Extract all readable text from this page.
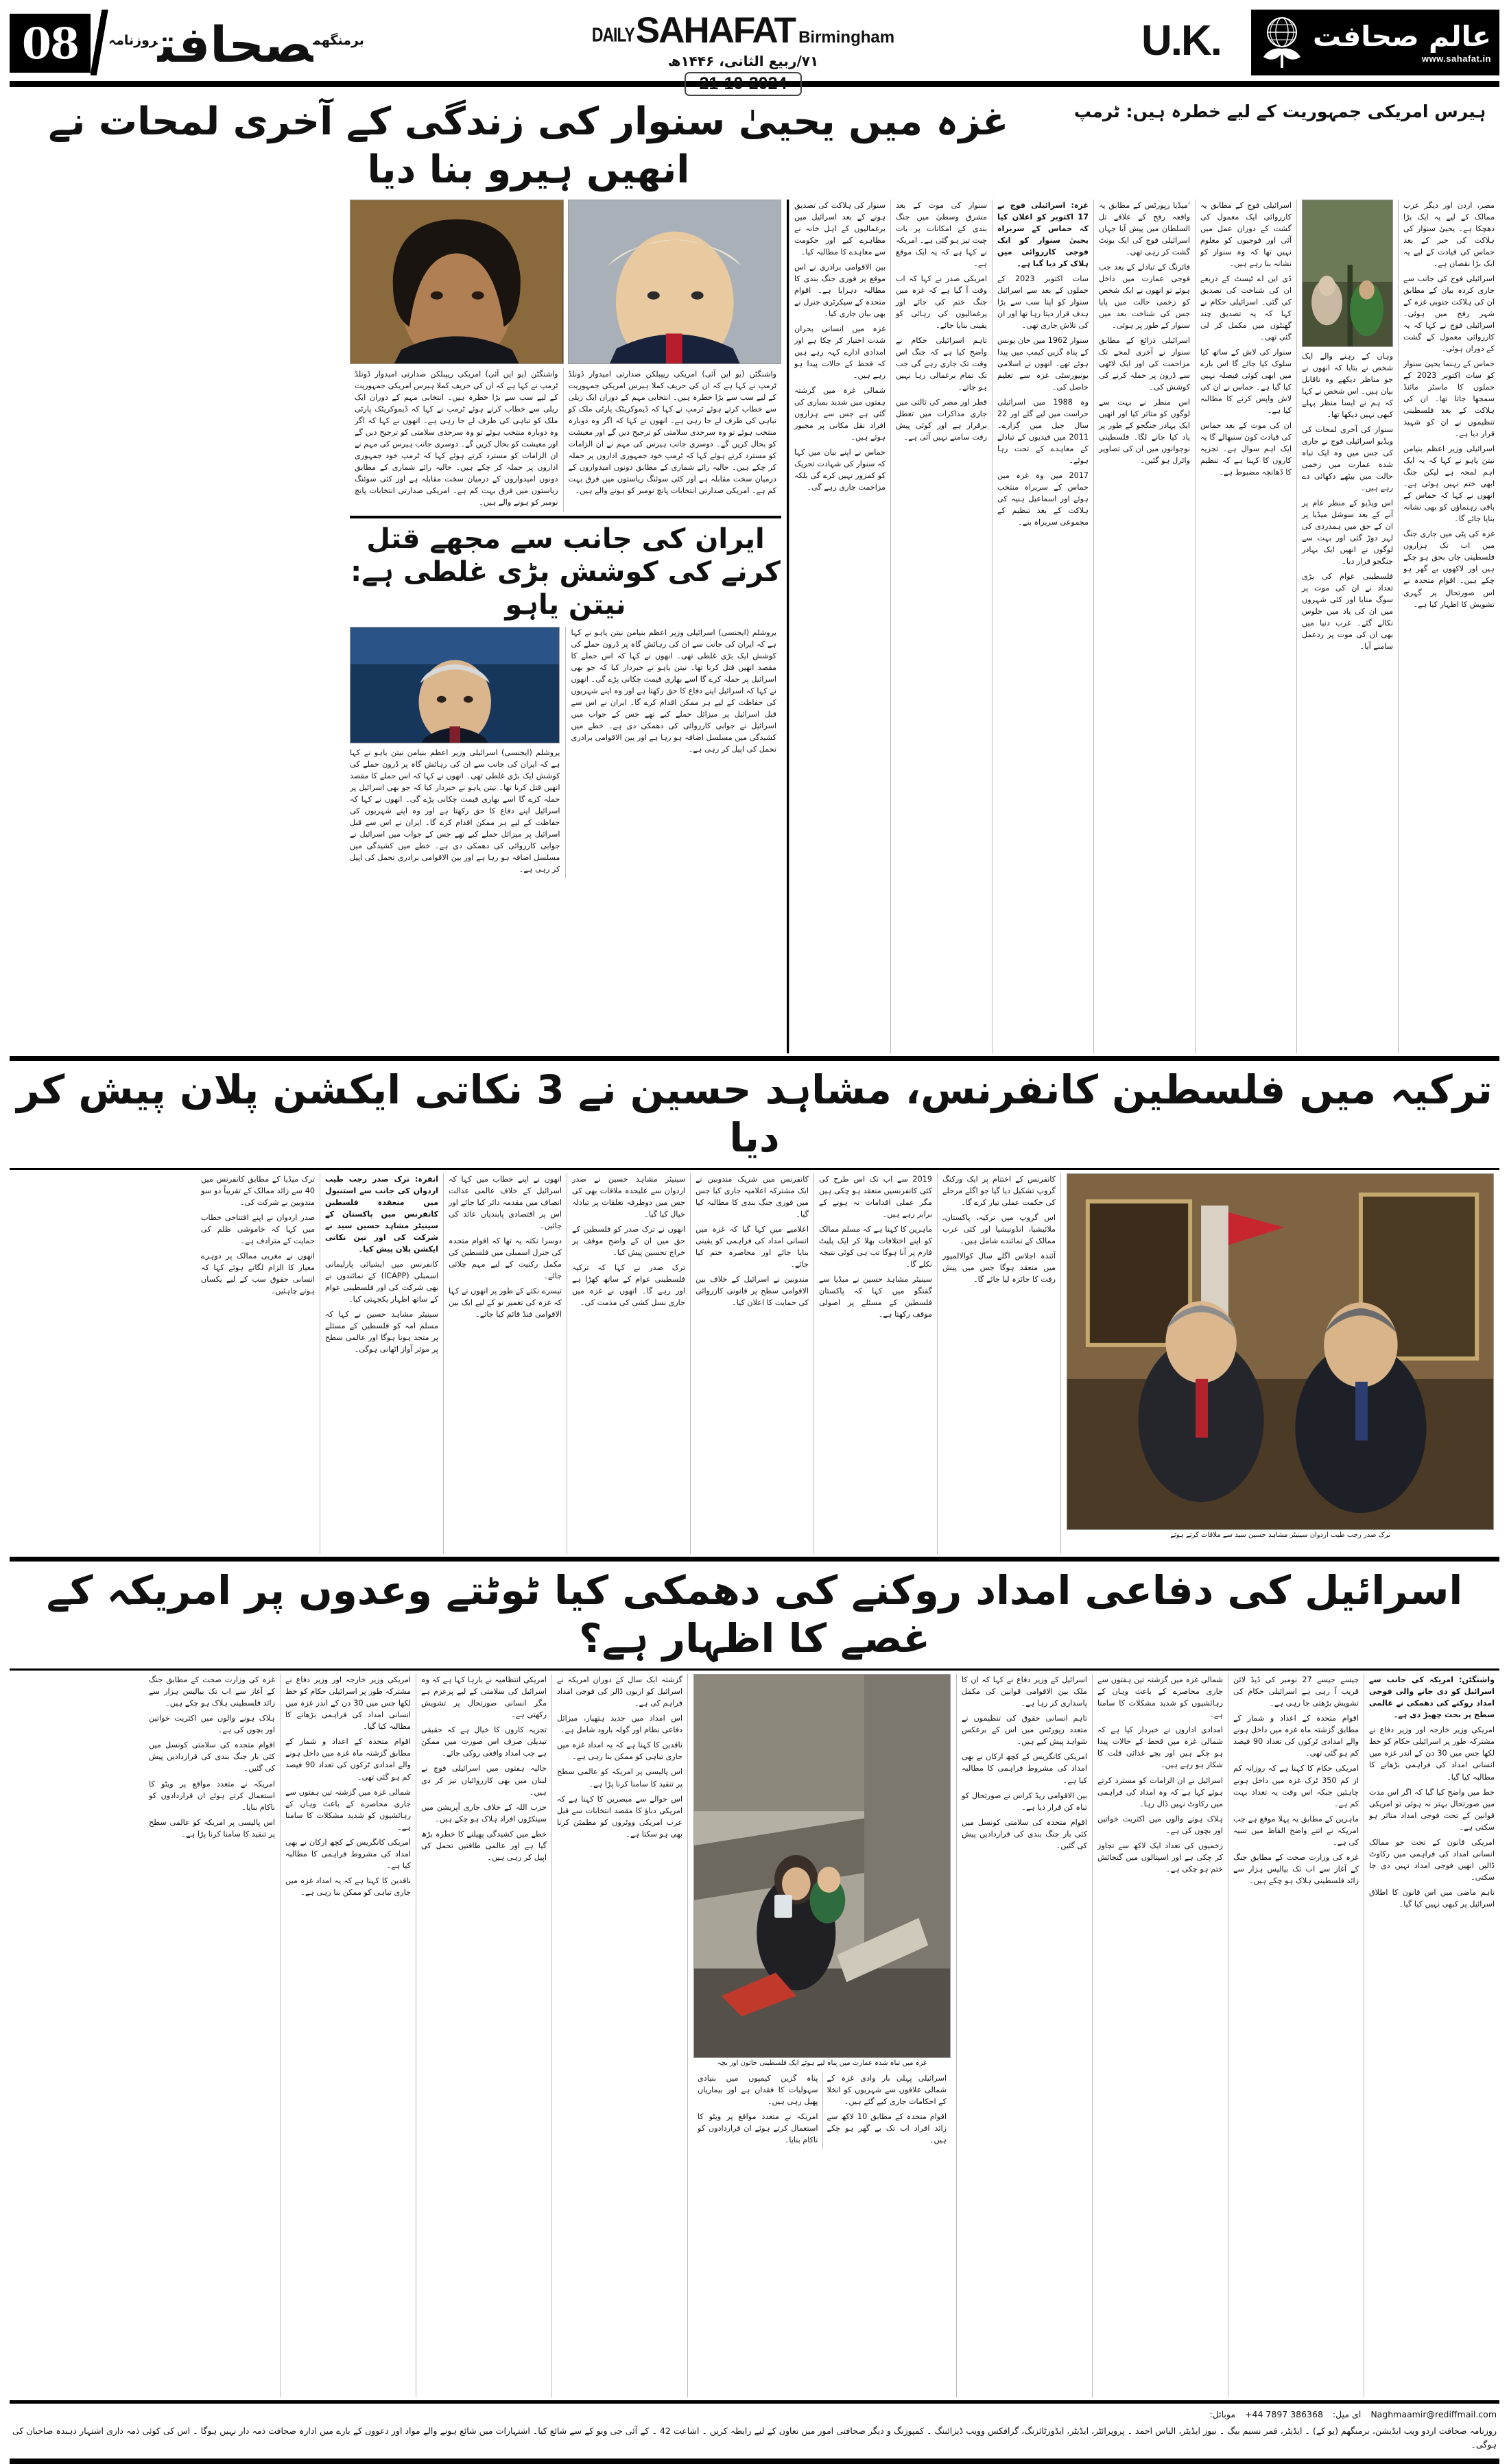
08	$^{برمنگھم}$صحافت$^{روزنامہ}$	DAILY SAHAFAT Birmingham
۷۱/ربیع الثانی، ۱۴۴۶ھ
21-10-2024
U.K.	عالم صحافت
www.sahafat.in
غزہ میں یحییٰ سنوار کی زندگی کے آخری لمحات نے انھیں ہیرو بنا دیا
ہیرس امریکی جمہوریت کے لیے خطرہ ہیں: ٹرمپ

مصر، اردن اور دیگر عرب ممالک کے لیے یہ ایک بڑا دھچکا ہے۔ یحییٰ سنوار کی ہلاکت کی خبر کے بعد حماس کی قیادت کے لیے یہ ایک بڑا نقصان ہے۔

اسرائیلی فوج کی جانب سے جاری کردہ بیان کے مطابق ان کی ہلاکت جنوبی غزہ کے شہر رفح میں ہوئی۔ اسرائیلی فوج نے کہا کہ یہ کارروائی معمول کے گشت کے دوران ہوئی۔

حماس کے رہنما یحییٰ سنوار کو سات اکتوبر 2023 کے حملوں کا ماسٹر مائنڈ سمجھا جاتا تھا۔ ان کی ہلاکت کے بعد فلسطینی تنظیموں نے ان کو شہید قرار دیا ہے۔

اسرائیلی وزیر اعظم بنیامن نیتن یاہو نے کہا کہ یہ ایک اہم لمحہ ہے لیکن جنگ ابھی ختم نہیں ہوئی ہے۔ انھوں نے کہا کہ حماس کے باقی رہنماؤں کو بھی نشانہ بنایا جائے گا۔

غزہ کی پٹی میں جاری جنگ میں اب تک ہزاروں فلسطینی جاں بحق ہو چکے ہیں اور لاکھوں بے گھر ہو چکے ہیں۔ اقوام متحدہ نے اس صورتحال پر گہری تشویش کا اظہار کیا ہے۔

وہاں کے رہنے والے ایک شخص نے بتایا کہ انھوں نے جو مناظر دیکھے وہ ناقابل بیان ہیں۔ اس شخص نے کہا کہ ہم نے ایسا منظر پہلے کبھی نہیں دیکھا تھا۔

سنوار کی آخری لمحات کی ویڈیو اسرائیلی فوج نے جاری کی جس میں وہ ایک تباہ شدہ عمارت میں زخمی حالت میں بیٹھے دکھائی دے رہے ہیں۔

اس ویڈیو کے منظر عام پر آنے کے بعد سوشل میڈیا پر ان کے حق میں ہمدردی کی لہر دوڑ گئی اور بہت سے لوگوں نے انھیں ایک بہادر جنگجو قرار دیا۔

فلسطینی عوام کی بڑی تعداد نے ان کی موت پر سوگ منایا اور کئی شہروں میں ان کی یاد میں جلوس نکالے گئے۔ عرب دنیا میں بھی ان کی موت پر ردعمل سامنے آیا۔

اسرائیلی فوج کے مطابق یہ کارروائی ایک معمول کی گشت کے دوران عمل میں آئی اور فوجیوں کو معلوم نہیں تھا کہ وہ سنوار کو نشانہ بنا رہے ہیں۔

ڈی این اے ٹیسٹ کے ذریعے ان کی شناخت کی تصدیق کی گئی۔ اسرائیلی حکام نے کہا کہ یہ تصدیق چند گھنٹوں میں مکمل کر لی گئی تھی۔

سنوار کی لاش کے ساتھ کیا سلوک کیا جائے گا اس بارے میں ابھی کوئی فیصلہ نہیں کیا گیا ہے۔ حماس نے ان کی لاش واپس کرنے کا مطالبہ کیا ہے۔

ان کی موت کے بعد حماس کی قیادت کون سنبھالے گا یہ ایک اہم سوال ہے۔ تجزیہ کاروں کا کہنا ہے کہ تنظیم کا ڈھانچہ مضبوط ہے۔

'میڈیا رپورٹس کے مطابق یہ واقعہ رفح کے علاقے تل السلطان میں پیش آیا جہاں اسرائیلی فوج کی ایک یونٹ گشت کر رہی تھی۔

فائرنگ کے تبادلے کے بعد جب فوجی عمارت میں داخل ہوئے تو انھوں نے ایک شخص کو زخمی حالت میں پایا جس کی شناخت بعد میں سنوار کے طور پر ہوئی۔

اسرائیلی ذرائع کے مطابق سنوار نے آخری لمحے تک مزاحمت کی اور ایک لاٹھی سے ڈرون پر حملہ کرنے کی کوشش کی۔

اس منظر نے بہت سے لوگوں کو متاثر کیا اور انھیں ایک بہادر جنگجو کے طور پر یاد کیا جانے لگا۔ فلسطینی نوجوانوں میں ان کی تصاویر وائرل ہو گئیں۔

غزہ: اسرائیلی فوج نے 17 اکتوبر کو اعلان کیا کہ حماس کے سربراہ یحییٰ سنوار کو ایک فوجی کارروائی میں ہلاک کر دیا گیا ہے۔

سات اکتوبر 2023 کے حملوں کے بعد سے اسرائیل سنوار کو اپنا سب سے بڑا ہدف قرار دیتا رہا تھا اور ان کی تلاش جاری تھی۔

سنوار 1962 میں خان یونس کے پناہ گزین کیمپ میں پیدا ہوئے تھے۔ انھوں نے اسلامی یونیورسٹی غزہ سے تعلیم حاصل کی۔

وہ 1988 میں اسرائیلی حراست میں لیے گئے اور 22 سال جیل میں گزارے۔ 2011 میں قیدیوں کے تبادلے کے معاہدے کے تحت رہا ہوئے۔

2017 میں وہ غزہ میں حماس کے سربراہ منتخب ہوئے اور اسماعیل ہنیہ کی ہلاکت کے بعد تنظیم کے مجموعی سربراہ بنے۔

سنوار کی موت کے بعد مشرق وسطیٰ میں جنگ بندی کے امکانات پر بات چیت تیز ہو گئی ہے۔ امریکہ نے کہا ہے کہ یہ ایک موقع ہے۔

امریکی صدر نے کہا کہ اب وقت آ گیا ہے کہ غزہ میں جنگ ختم کی جائے اور یرغمالیوں کی رہائی کو یقینی بنایا جائے۔

تاہم اسرائیلی حکام نے واضح کیا ہے کہ جنگ اس وقت تک جاری رہے گی جب تک تمام یرغمالی رہا نہیں ہو جاتے۔

قطر اور مصر کی ثالثی میں جاری مذاکرات میں تعطل برقرار ہے اور کوئی پیش رفت سامنے نہیں آئی ہے۔

سنوار کی ہلاکت کی تصدیق ہونے کے بعد اسرائیل میں یرغمالیوں کے اہل خانہ نے مظاہرے کیے اور حکومت سے معاہدے کا مطالبہ کیا۔

بین الاقوامی برادری نے اس موقع پر فوری جنگ بندی کا مطالبہ دہرایا ہے۔ اقوام متحدہ کے سیکرٹری جنرل نے بھی بیان جاری کیا۔

غزہ میں انسانی بحران شدت اختیار کر چکا ہے اور امدادی ادارے کہہ رہے ہیں کہ قحط کے حالات پیدا ہو رہے ہیں۔

شمالی غزہ میں گزشتہ ہفتوں میں شدید بمباری کی گئی ہے جس سے ہزاروں افراد نقل مکانی پر مجبور ہوئے ہیں۔

حماس نے اپنے بیان میں کہا کہ سنوار کی شہادت تحریک کو کمزور نہیں کرے گی بلکہ مزاحمت جاری رہے گی۔

واشنگٹن (یو این آئی) امریکی ریپبلکن صدارتی امیدوار ڈونلڈ ٹرمپ نے کہا ہے کہ ان کی حریف کملا ہیرس امریکی جمہوریت کے لیے سب سے بڑا خطرہ ہیں۔ انتخابی مہم کے دوران ایک ریلی سے خطاب کرتے ہوئے ٹرمپ نے کہا کہ ڈیموکریٹک پارٹی ملک کو تباہی کی طرف لے جا رہی ہے۔ انھوں نے کہا کہ اگر وہ دوبارہ منتخب ہوئے تو وہ سرحدی سلامتی کو ترجیح دیں گے اور معیشت کو بحال کریں گے۔ دوسری جانب ہیرس کی مہم نے ان الزامات کو مسترد کرتے ہوئے کہا کہ ٹرمپ خود جمہوری اداروں پر حملہ کر چکے ہیں۔ حالیہ رائے شماری کے مطابق دونوں امیدواروں کے درمیان سخت مقابلہ ہے اور کئی سوئنگ ریاستوں میں فرق بہت کم ہے۔ امریکی صدارتی انتخابات پانچ نومبر کو ہونے والے ہیں۔

واشنگٹن (یو این آئی) امریکی ریپبلکن صدارتی امیدوار ڈونلڈ ٹرمپ نے کہا ہے کہ ان کی حریف کملا ہیرس امریکی جمہوریت کے لیے سب سے بڑا خطرہ ہیں۔ انتخابی مہم کے دوران ایک ریلی سے خطاب کرتے ہوئے ٹرمپ نے کہا کہ ڈیموکریٹک پارٹی ملک کو تباہی کی طرف لے جا رہی ہے۔ انھوں نے کہا کہ اگر وہ دوبارہ منتخب ہوئے تو وہ سرحدی سلامتی کو ترجیح دیں گے اور معیشت کو بحال کریں گے۔ دوسری جانب ہیرس کی مہم نے ان الزامات کو مسترد کرتے ہوئے کہا کہ ٹرمپ خود جمہوری اداروں پر حملہ کر چکے ہیں۔ حالیہ رائے شماری کے مطابق دونوں امیدواروں کے درمیان سخت مقابلہ ہے اور کئی سوئنگ ریاستوں میں فرق بہت کم ہے۔ امریکی صدارتی انتخابات پانچ نومبر کو ہونے والے ہیں۔

ایران کی جانب سے مجھے قتل کرنے کی کوشش بڑی غلطی ہے: نیتن یاہو

یروشلم (ایجنسی) اسرائیلی وزیر اعظم بنیامن نیتن یاہو نے کہا ہے کہ ایران کی جانب سے ان کی رہائش گاہ پر ڈرون حملے کی کوشش ایک بڑی غلطی تھی۔ انھوں نے کہا کہ اس حملے کا مقصد انھیں قتل کرنا تھا۔ نیتن یاہو نے خبردار کیا کہ جو بھی اسرائیل پر حملہ کرے گا اسے بھاری قیمت چکانی پڑے گی۔ انھوں نے کہا کہ اسرائیل اپنے دفاع کا حق رکھتا ہے اور وہ اپنے شہریوں کی حفاظت کے لیے ہر ممکن اقدام کرے گا۔ ایران نے اس سے قبل اسرائیل پر میزائل حملے کیے تھے جس کے جواب میں اسرائیل نے جوابی کارروائی کی دھمکی دی ہے۔ خطے میں کشیدگی میں مسلسل اضافہ ہو رہا ہے اور بین الاقوامی برادری تحمل کی اپیل کر رہی ہے۔

یروشلم (ایجنسی) اسرائیلی وزیر اعظم بنیامن نیتن یاہو نے کہا ہے کہ ایران کی جانب سے ان کی رہائش گاہ پر ڈرون حملے کی کوشش ایک بڑی غلطی تھی۔ انھوں نے کہا کہ اس حملے کا مقصد انھیں قتل کرنا تھا۔ نیتن یاہو نے خبردار کیا کہ جو بھی اسرائیل پر حملہ کرے گا اسے بھاری قیمت چکانی پڑے گی۔ انھوں نے کہا کہ اسرائیل اپنے دفاع کا حق رکھتا ہے اور وہ اپنے شہریوں کی حفاظت کے لیے ہر ممکن اقدام کرے گا۔ ایران نے اس سے قبل اسرائیل پر میزائل حملے کیے تھے جس کے جواب میں اسرائیل نے جوابی کارروائی کی دھمکی دی ہے۔ خطے میں کشیدگی میں مسلسل اضافہ ہو رہا ہے اور بین الاقوامی برادری تحمل کی اپیل کر رہی ہے۔

ترکیہ میں فلسطین کانفرنس، مشاہد حسین نے 3 نکاتی ایکشن پلان پیش کر دیا
ترک صدر رجب طیب اردوان سینیٹر مشاہد حسین سید سے ملاقات کرتے ہوئے

کانفرنس کے اختتام پر ایک ورکنگ گروپ تشکیل دیا گیا جو اگلے مرحلے کی حکمت عملی تیار کرے گا۔

اس گروپ میں ترکیہ، پاکستان، ملائیشیا، انڈونیشیا اور کئی عرب ممالک کے نمائندے شامل ہیں۔

آئندہ اجلاس اگلے سال کوالالمپور میں منعقد ہوگا جس میں پیش رفت کا جائزہ لیا جائے گا۔

2019 سے اب تک اس طرح کی کئی کانفرنسیں منعقد ہو چکی ہیں مگر عملی اقدامات نہ ہونے کے برابر رہے ہیں۔

ماہرین کا کہنا ہے کہ مسلم ممالک کو اپنے اختلافات بھلا کر ایک پلیٹ فارم پر آنا ہوگا تب ہی کوئی نتیجہ نکلے گا۔

سینیٹر مشاہد حسین نے میڈیا سے گفتگو میں کہا کہ پاکستان فلسطین کے مسئلے پر اصولی موقف رکھتا ہے۔

کانفرنس میں شریک مندوبین نے ایک مشترکہ اعلامیہ جاری کیا جس میں فوری جنگ بندی کا مطالبہ کیا گیا۔

اعلامیے میں کہا گیا کہ غزہ میں انسانی امداد کی فراہمی کو یقینی بنایا جائے اور محاصرہ ختم کیا جائے۔

مندوبین نے اسرائیل کے خلاف بین الاقوامی سطح پر قانونی کارروائی کی حمایت کا اعلان کیا۔

سینیٹر مشاہد حسین نے صدر اردوان سے علیحدہ ملاقات بھی کی جس میں دوطرفہ تعلقات پر تبادلہ خیال کیا گیا۔

انھوں نے ترک صدر کو فلسطین کے حق میں ان کے واضح موقف پر خراج تحسین پیش کیا۔

ترک صدر نے کہا کہ ترکیہ فلسطینی عوام کے ساتھ کھڑا ہے اور رہے گا۔ انھوں نے غزہ میں جاری نسل کشی کی مذمت کی۔

انھوں نے اپنے خطاب میں کہا کہ اسرائیل کے خلاف عالمی عدالت انصاف میں مقدمہ دائر کیا جائے اور اس پر اقتصادی پابندیاں عائد کی جائیں۔

دوسرا نکتہ یہ تھا کہ اقوام متحدہ کی جنرل اسمبلی میں فلسطین کی مکمل رکنیت کے لیے مہم چلائی جائے۔

تیسرے نکتے کے طور پر انھوں نے کہا کہ غزہ کی تعمیر نو کے لیے ایک بین الاقوامی فنڈ قائم کیا جائے۔

انقرہ: ترک صدر رجب طیب اردوان کی جانب سے استنبول میں منعقدہ فلسطین کانفرنس میں پاکستان کے سینیٹر مشاہد حسین سید نے شرکت کی اور تین نکاتی ایکشن پلان پیش کیا۔

کانفرنس میں ایشیائی پارلیمانی اسمبلی (ICAPP) کے نمائندوں نے بھی شرکت کی اور فلسطینی عوام کے ساتھ اظہار یکجہتی کیا۔

سینیٹر مشاہد حسین نے کہا کہ مسلم امہ کو فلسطین کے مسئلے پر متحد ہونا ہوگا اور عالمی سطح پر موثر آواز اٹھانی ہوگی۔

ترک میڈیا کے مطابق کانفرنس میں 40 سے زائد ممالک کے تقریباً دو سو مندوبین نے شرکت کی۔

صدر اردوان نے اپنے افتتاحی خطاب میں کہا کہ خاموشی ظلم کی حمایت کے مترادف ہے۔

انھوں نے مغربی ممالک پر دوہرے معیار کا الزام لگاتے ہوئے کہا کہ انسانی حقوق سب کے لیے یکساں ہونے چاہئیں۔

اسرائیل کی دفاعی امداد روکنے کی دھمکی کیا ٹوٹتے وعدوں پر امریکہ کے غصے کا اظہار ہے؟

واشنگٹن: امریکہ کی جانب سے اسرائیل کو دی جانے والی فوجی امداد روکنے کی دھمکی نے عالمی سطح پر بحث چھیڑ دی ہے۔

امریکی وزیر خارجہ اور وزیر دفاع نے مشترکہ طور پر اسرائیلی حکام کو خط لکھا جس میں 30 دن کے اندر غزہ میں انسانی امداد کی فراہمی بڑھانے کا مطالبہ کیا گیا۔

خط میں واضح کیا گیا کہ اگر اس مدت میں صورتحال بہتر نہ ہوئی تو امریکی قوانین کے تحت فوجی امداد متاثر ہو سکتی ہے۔

امریکی قانون کے تحت جو ممالک انسانی امداد کی فراہمی میں رکاوٹ ڈالیں انھیں فوجی امداد نہیں دی جا سکتی۔

تاہم ماضی میں اس قانون کا اطلاق اسرائیل پر کبھی نہیں کیا گیا۔

جیسے جیسے 27 نومبر کی ڈیڈ لائن قریب آ رہی ہے اسرائیلی حکام کی تشویش بڑھتی جا رہی ہے۔

اقوام متحدہ کے اعداد و شمار کے مطابق گزشتہ ماہ غزہ میں داخل ہونے والے امدادی ٹرکوں کی تعداد 90 فیصد کم ہو گئی تھی۔

امریکی حکام کا کہنا ہے کہ روزانہ کم از کم 350 ٹرک غزہ میں داخل ہونے چاہئیں جبکہ اس وقت یہ تعداد بہت کم ہے۔

ماہرین کے مطابق یہ پہلا موقع ہے جب امریکہ نے اتنے واضح الفاظ میں تنبیہ کی ہے۔

غزہ کی وزارت صحت کے مطابق جنگ کے آغاز سے اب تک بیالیس ہزار سے زائد فلسطینی ہلاک ہو چکے ہیں۔

شمالی غزہ میں گزشتہ تین ہفتوں سے جاری محاصرے کے باعث وہاں کے رہائشیوں کو شدید مشکلات کا سامنا ہے۔

امدادی اداروں نے خبردار کیا ہے کہ شمالی غزہ میں قحط کے حالات پیدا ہو چکے ہیں اور بچے غذائی قلت کا شکار ہو رہے ہیں۔

اسرائیل نے ان الزامات کو مسترد کرتے ہوئے کہا ہے کہ وہ امداد کی فراہمی میں رکاوٹ نہیں ڈال رہا۔

ہلاک ہونے والوں میں اکثریت خواتین اور بچوں کی ہے۔

زخمیوں کی تعداد ایک لاکھ سے تجاوز کر چکی ہے اور اسپتالوں میں گنجائش ختم ہو چکی ہے۔

اسرائیل کے وزیر دفاع نے کہا کہ ان کا ملک بین الاقوامی قوانین کی مکمل پاسداری کر رہا ہے۔

تاہم انسانی حقوق کی تنظیموں نے متعدد رپورٹس میں اس کے برعکس شواہد پیش کیے ہیں۔

امریکی کانگریس کے کچھ ارکان نے بھی امداد کی مشروط فراہمی کا مطالبہ کیا ہے۔

بین الاقوامی ریڈ کراس نے صورتحال کو تباہ کن قرار دیا ہے۔

اقوام متحدہ کی سلامتی کونسل میں کئی بار جنگ بندی کی قراردادیں پیش کی گئیں۔

غزہ میں تباہ شدہ عمارت میں پناہ لیے ہوئے ایک فلسطینی خاتون اور بچہ

اسرائیلی پہلی بار وادی غزہ کے شمالی علاقوں سے شہریوں کو انخلا کے احکامات جاری کیے گئے ہیں۔

اقوام متحدہ کے مطابق 10 لاکھ سے زائد افراد اب تک بے گھر ہو چکے ہیں۔

پناہ گزین کیمپوں میں بنیادی سہولیات کا فقدان ہے اور بیماریاں پھیل رہی ہیں۔

امریکہ نے متعدد مواقع پر ویٹو کا استعمال کرتے ہوئے ان قراردادوں کو ناکام بنایا۔

گزشتہ ایک سال کے دوران امریکہ نے اسرائیل کو اربوں ڈالر کی فوجی امداد فراہم کی ہے۔

اس امداد میں جدید ہتھیار، میزائل دفاعی نظام اور گولہ بارود شامل ہے۔

ناقدین کا کہنا ہے کہ یہ امداد غزہ میں جاری تباہی کو ممکن بنا رہی ہے۔

اس پالیسی پر امریکہ کو عالمی سطح پر تنقید کا سامنا کرنا پڑا ہے۔

اس حوالے سے مبصرین کا کہنا ہے کہ امریکی دباؤ کا مقصد انتخابات سے قبل عرب امریکی ووٹروں کو مطمئن کرنا بھی ہو سکتا ہے۔

امریکی انتظامیہ نے بارہا کہا ہے کہ وہ اسرائیل کی سلامتی کے لیے پرعزم ہے مگر انسانی صورتحال پر تشویش رکھتی ہے۔

تجزیہ کاروں کا خیال ہے کہ حقیقی تبدیلی صرف اس صورت میں ممکن ہے جب امداد واقعی روکی جائے۔

حالیہ ہفتوں میں اسرائیلی فوج نے لبنان میں بھی کارروائیاں تیز کر دی ہیں۔

حزب اللہ کے خلاف جاری آپریشن میں سینکڑوں افراد ہلاک ہو چکے ہیں۔

خطے میں کشیدگی پھیلنے کا خطرہ بڑھ گیا ہے اور عالمی طاقتیں تحمل کی اپیل کر رہی ہیں۔

امریکی وزیر خارجہ اور وزیر دفاع نے مشترکہ طور پر اسرائیلی حکام کو خط لکھا جس میں 30 دن کے اندر غزہ میں انسانی امداد کی فراہمی بڑھانے کا مطالبہ کیا گیا۔

اقوام متحدہ کے اعداد و شمار کے مطابق گزشتہ ماہ غزہ میں داخل ہونے والے امدادی ٹرکوں کی تعداد 90 فیصد کم ہو گئی تھی۔

شمالی غزہ میں گزشتہ تین ہفتوں سے جاری محاصرے کے باعث وہاں کے رہائشیوں کو شدید مشکلات کا سامنا ہے۔

امریکی کانگریس کے کچھ ارکان نے بھی امداد کی مشروط فراہمی کا مطالبہ کیا ہے۔

ناقدین کا کہنا ہے کہ یہ امداد غزہ میں جاری تباہی کو ممکن بنا رہی ہے۔

غزہ کی وزارت صحت کے مطابق جنگ کے آغاز سے اب تک بیالیس ہزار سے زائد فلسطینی ہلاک ہو چکے ہیں۔

ہلاک ہونے والوں میں اکثریت خواتین اور بچوں کی ہے۔

اقوام متحدہ کی سلامتی کونسل میں کئی بار جنگ بندی کی قراردادیں پیش کی گئیں۔

امریکہ نے متعدد مواقع پر ویٹو کا استعمال کرتے ہوئے ان قراردادوں کو ناکام بنایا۔

اس پالیسی پر امریکہ کو عالمی سطح پر تنقید کا سامنا کرنا پڑا ہے۔

موبائل: +44 7897 386368 ای میل: Naghmaamir@rediffmail.com
روزنامہ صحافت اردو ویب ایڈیشن، برمنگھم (یو کے) ۔ ایڈیٹر، قمر نسیم بیگ ۔ نیوز ایڈیٹر، الیاس احمد ۔ پروپرائٹر، ایڈیٹر، ایڈورٹائزنگ، گرافکس وویب ڈیزائننگ ۔ کمپوزنگ و دیگر صحافتی امور میں تعاون کے لیے رابطہ کریں ۔ اشاعت 42 ۔ کے آئی جی ویو کے سے شائع کیا۔ اشتہارات میں شائع ہونے والے مواد اور دعووں کے بارے میں ادارہ صحافت ذمہ دار نہیں ہوگا ۔ اس کی کوئی ذمہ داری اشتہار دہندہ صاحبان کی ہوگی۔
